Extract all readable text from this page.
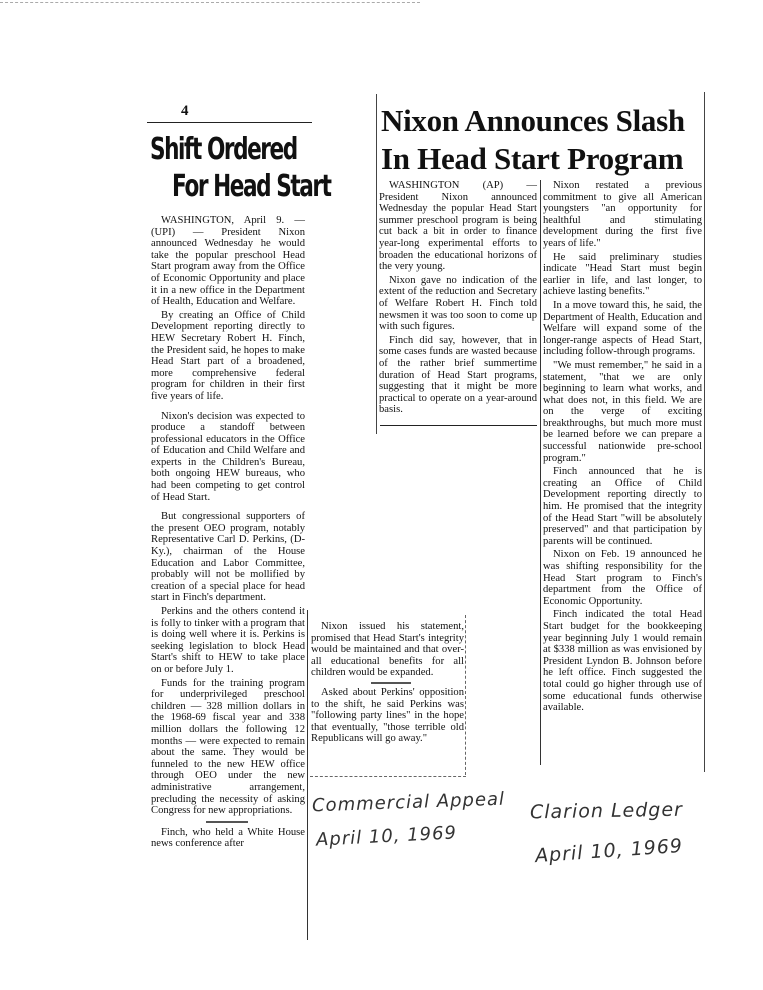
4
Shift Ordered
For Head Start

WASHINGTON, April 9. — (UPI) — President Nixon announced Wednesday he would take the popular preschool Head Start program away from the Office of Economic Opportunity and place it in a new office in the Department of Health, Education and Welfare.

By creating an Office of Child Development reporting directly to HEW Secretary Robert H. Finch, the President said, he hopes to make Head Start part of a broadened, more comprehensive federal program for children in their first five years of life.

Nixon's decision was expected to produce a standoff between professional educators in the Office of Education and Child Welfare and experts in the Children's Bureau, both ongoing HEW bureaus, who had been competing to get control of Head Start.

But congressional supporters of the present OEO program, notably Representative Carl D. Perkins, (D-Ky.), chairman of the House Education and Labor Committee, probably will not be mollified by creation of a special place for head start in Finch's department.

Perkins and the others contend it is folly to tinker with a program that is doing well where it is. Perkins is seeking legislation to block Head Start's shift to HEW to take place on or before July 1.

Funds for the training program for underprivileged preschool children — 328 million dollars in the 1968-69 fiscal year and 338 million dollars the following 12 months — were expected to remain about the same. They would be funneled to the new HEW office through OEO under the new administrative arrangement, precluding the necessity of asking Congress for new appropriations.

Finch, who held a White House news conference after

Nixon issued his statement, promised that Head Start's integrity would be maintained and that over-all educational benefits for all children would be expanded.

Asked about Perkins' opposition to the shift, he said Perkins was "following party lines" in the hope that eventually, "those terrible old Republicans will go away."

Nixon Announces Slash
In Head Start Program

WASHINGTON (AP) — President Nixon announced Wednesday the popular Head Start summer preschool program is being cut back a bit in order to finance year-long experimental efforts to broaden the educational horizons of the very young.

Nixon gave no indication of the extent of the reduction and Secretary of Welfare Robert H. Finch told newsmen it was too soon to come up with such figures.

Finch did say, however, that in some cases funds are wasted because of the rather brief summertime duration of Head Start programs, suggesting that it might be more practical to operate on a year-around basis.

Nixon restated a previous commitment to give all American youngsters "an opportunity for healthful and stimulating development during the first five years of life."

He said preliminary studies indicate "Head Start must begin earlier in life, and last longer, to achieve lasting benefits."

In a move toward this, he said, the Department of Health, Education and Welfare will expand some of the longer-range aspects of Head Start, including follow-through programs.

"We must remember," he said in a statement, "that we are only beginning to learn what works, and what does not, in this field. We are on the verge of exciting breakthroughs, but much more must be learned before we can prepare a successful nationwide pre-school program."

Finch announced that he is creating an Office of Child Development reporting directly to him. He promised that the integrity of the Head Start "will be absolutely preserved" and that participation by parents will be continued.

Nixon on Feb. 19 announced he was shifting responsibility for the Head Start program to Finch's department from the Office of Economic Opportunity.

Finch indicated the total Head Start budget for the bookkeeping year beginning July 1 would remain at $338 million as was envisioned by President Lyndon B. Johnson before he left office. Finch suggested the total could go higher through use of some educational funds otherwise available.

Commercial Appeal
April 10, 1969
Clarion Ledger
April 10, 1969
